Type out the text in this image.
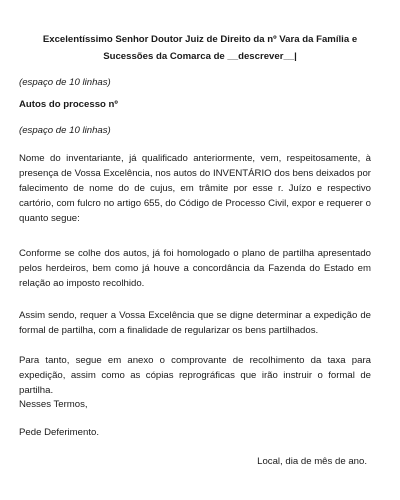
Excelentíssimo Senhor Doutor Juiz de Direito da nº Vara da Família e
Sucessões da Comarca de __descrever__|
(espaço de 10 linhas)
Autos do processo nº
(espaço de 10 linhas)
Nome do inventariante, já qualificado anteriormente, vem, respeitosamente, à presença de Vossa Excelência, nos autos do INVENTÁRIO dos bens deixados por falecimento de nome do de cujus, em trâmite por esse r. Juízo e respectivo cartório, com fulcro no artigo 655, do Código de Processo Civil, expor e requerer o quanto segue:
Conforme se colhe dos autos, já foi homologado o plano de partilha apresentado pelos herdeiros, bem como já houve a concordância da Fazenda do Estado em relação ao imposto recolhido.
Assim sendo, requer a Vossa Excelência que se digne determinar a expedição de formal de partilha, com a finalidade de regularizar os bens partilhados.
Para tanto, segue em anexo o comprovante de recolhimento da taxa para expedição, assim como as cópias reprográficas que irão instruir o formal de partilha.
Nesses Termos,
Pede Deferimento.
Local, dia de mês de ano.
